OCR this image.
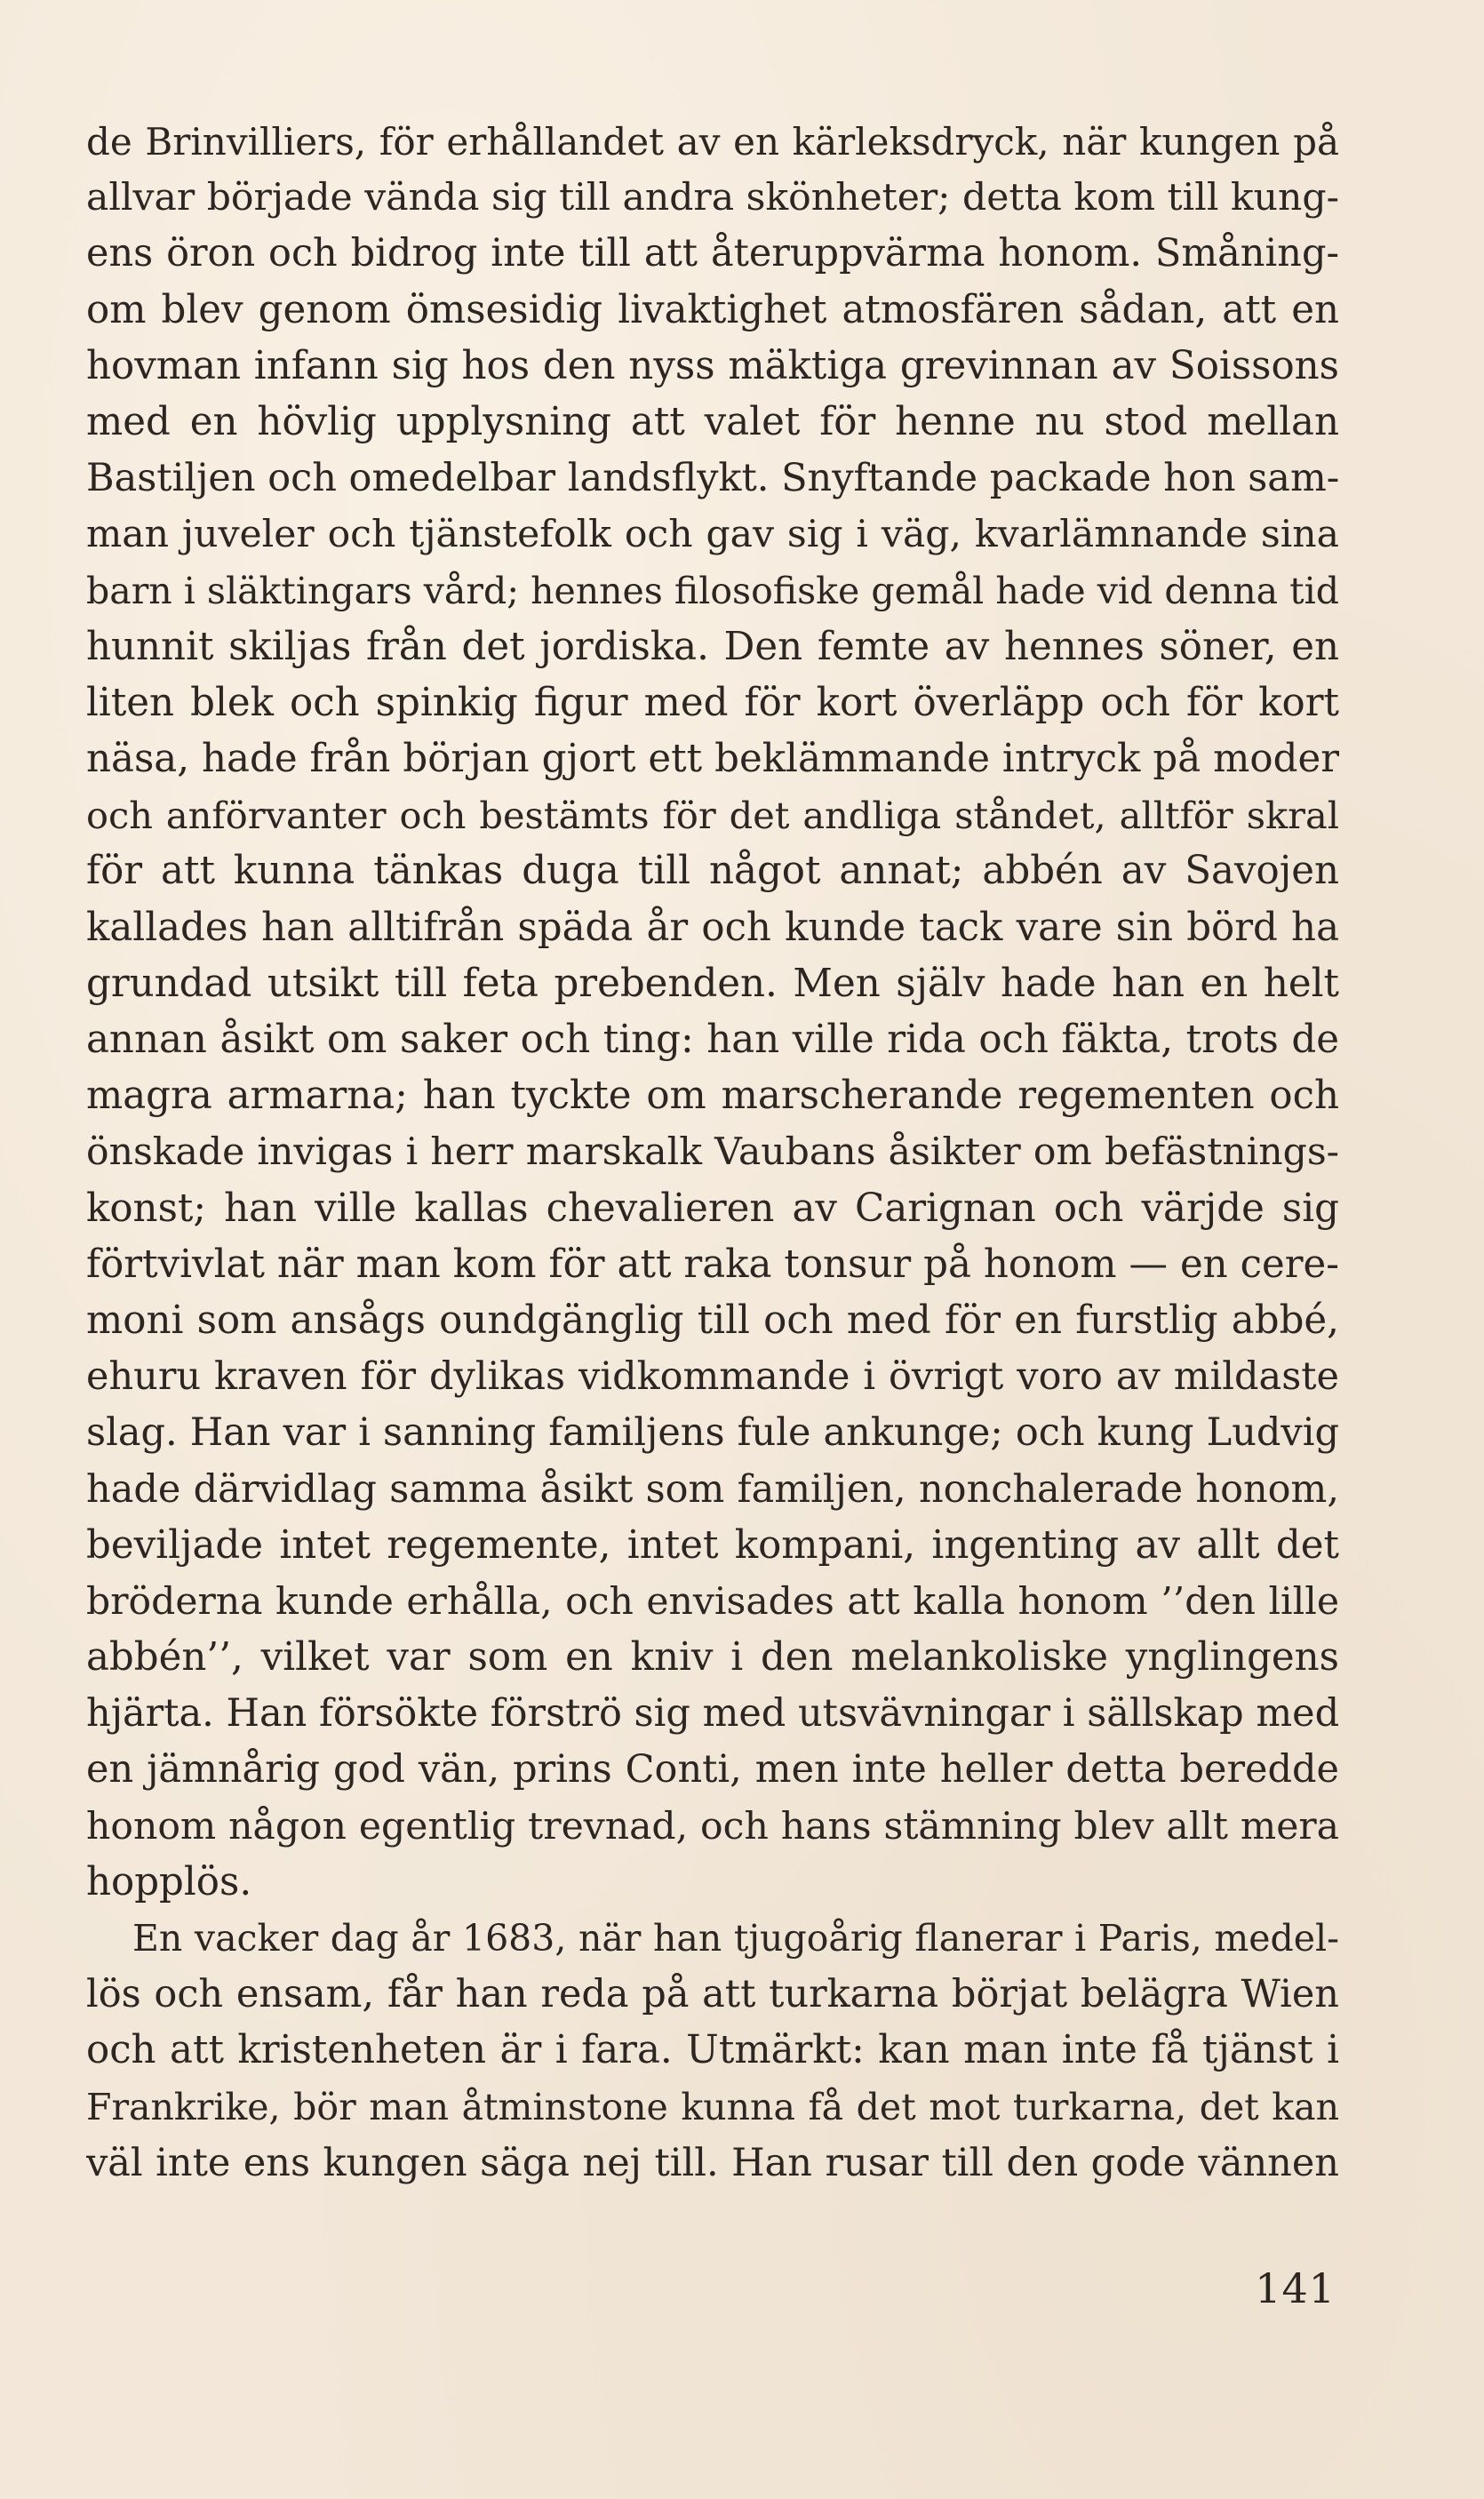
de Brinvilliers, för erhållandet av en kärleksdryck, när kungen på
allvar började vända sig till andra skönheter; detta kom till kung-
ens öron och bidrog inte till att återuppvärma honom. Småning-
om blev genom ömsesidig livaktighet atmosfären sådan, att en
hovman infann sig hos den nyss mäktiga grevinnan av Soissons
med en hövlig upplysning att valet för henne nu stod mellan
Bastiljen och omedelbar landsflykt. Snyftande packade hon sam-
man juveler och tjänstefolk och gav sig i väg, kvarlämnande sina
barn i släktingars vård; hennes filosofiske gemål hade vid denna tid
hunnit skiljas från det jordiska. Den femte av hennes söner, en
liten blek och spinkig figur med för kort överläpp och för kort
näsa, hade från början gjort ett beklämmande intryck på moder
och anförvanter och bestämts för det andliga ståndet, alltför skral
för att kunna tänkas duga till något annat; abbén av Savojen
kallades han alltifrån späda år och kunde tack vare sin börd ha
grundad utsikt till feta prebenden. Men själv hade han en helt
annan åsikt om saker och ting: han ville rida och fäkta, trots de
magra armarna; han tyckte om marscherande regementen och
önskade invigas i herr marskalk Vaubans åsikter om befästnings-
konst; han ville kallas chevalieren av Carignan och värjde sig
förtvivlat när man kom för att raka tonsur på honom — en cere-
moni som ansågs oundgänglig till och med för en furstlig abbé,
ehuru kraven för dylikas vidkommande i övrigt voro av mildaste
slag. Han var i sanning familjens fule ankunge; och kung Ludvig
hade därvidlag samma åsikt som familjen, nonchalerade honom,
beviljade intet regemente, intet kompani, ingenting av allt det
bröderna kunde erhålla, och envisades att kalla honom ’’den lille
abbén’’, vilket var som en kniv i den melankoliske ynglingens
hjärta. Han försökte förströ sig med utsvävningar i sällskap med
en jämnårig god vän, prins Conti, men inte heller detta beredde
honom någon egentlig trevnad, och hans stämning blev allt mera
hopplös.
En vacker dag år 1683, när han tjugoårig flanerar i Paris, medel-
lös och ensam, får han reda på att turkarna börjat belägra Wien
och att kristenheten är i fara. Utmärkt: kan man inte få tjänst i
Frankrike, bör man åtminstone kunna få det mot turkarna, det kan
väl inte ens kungen säga nej till. Han rusar till den gode vännen
141
